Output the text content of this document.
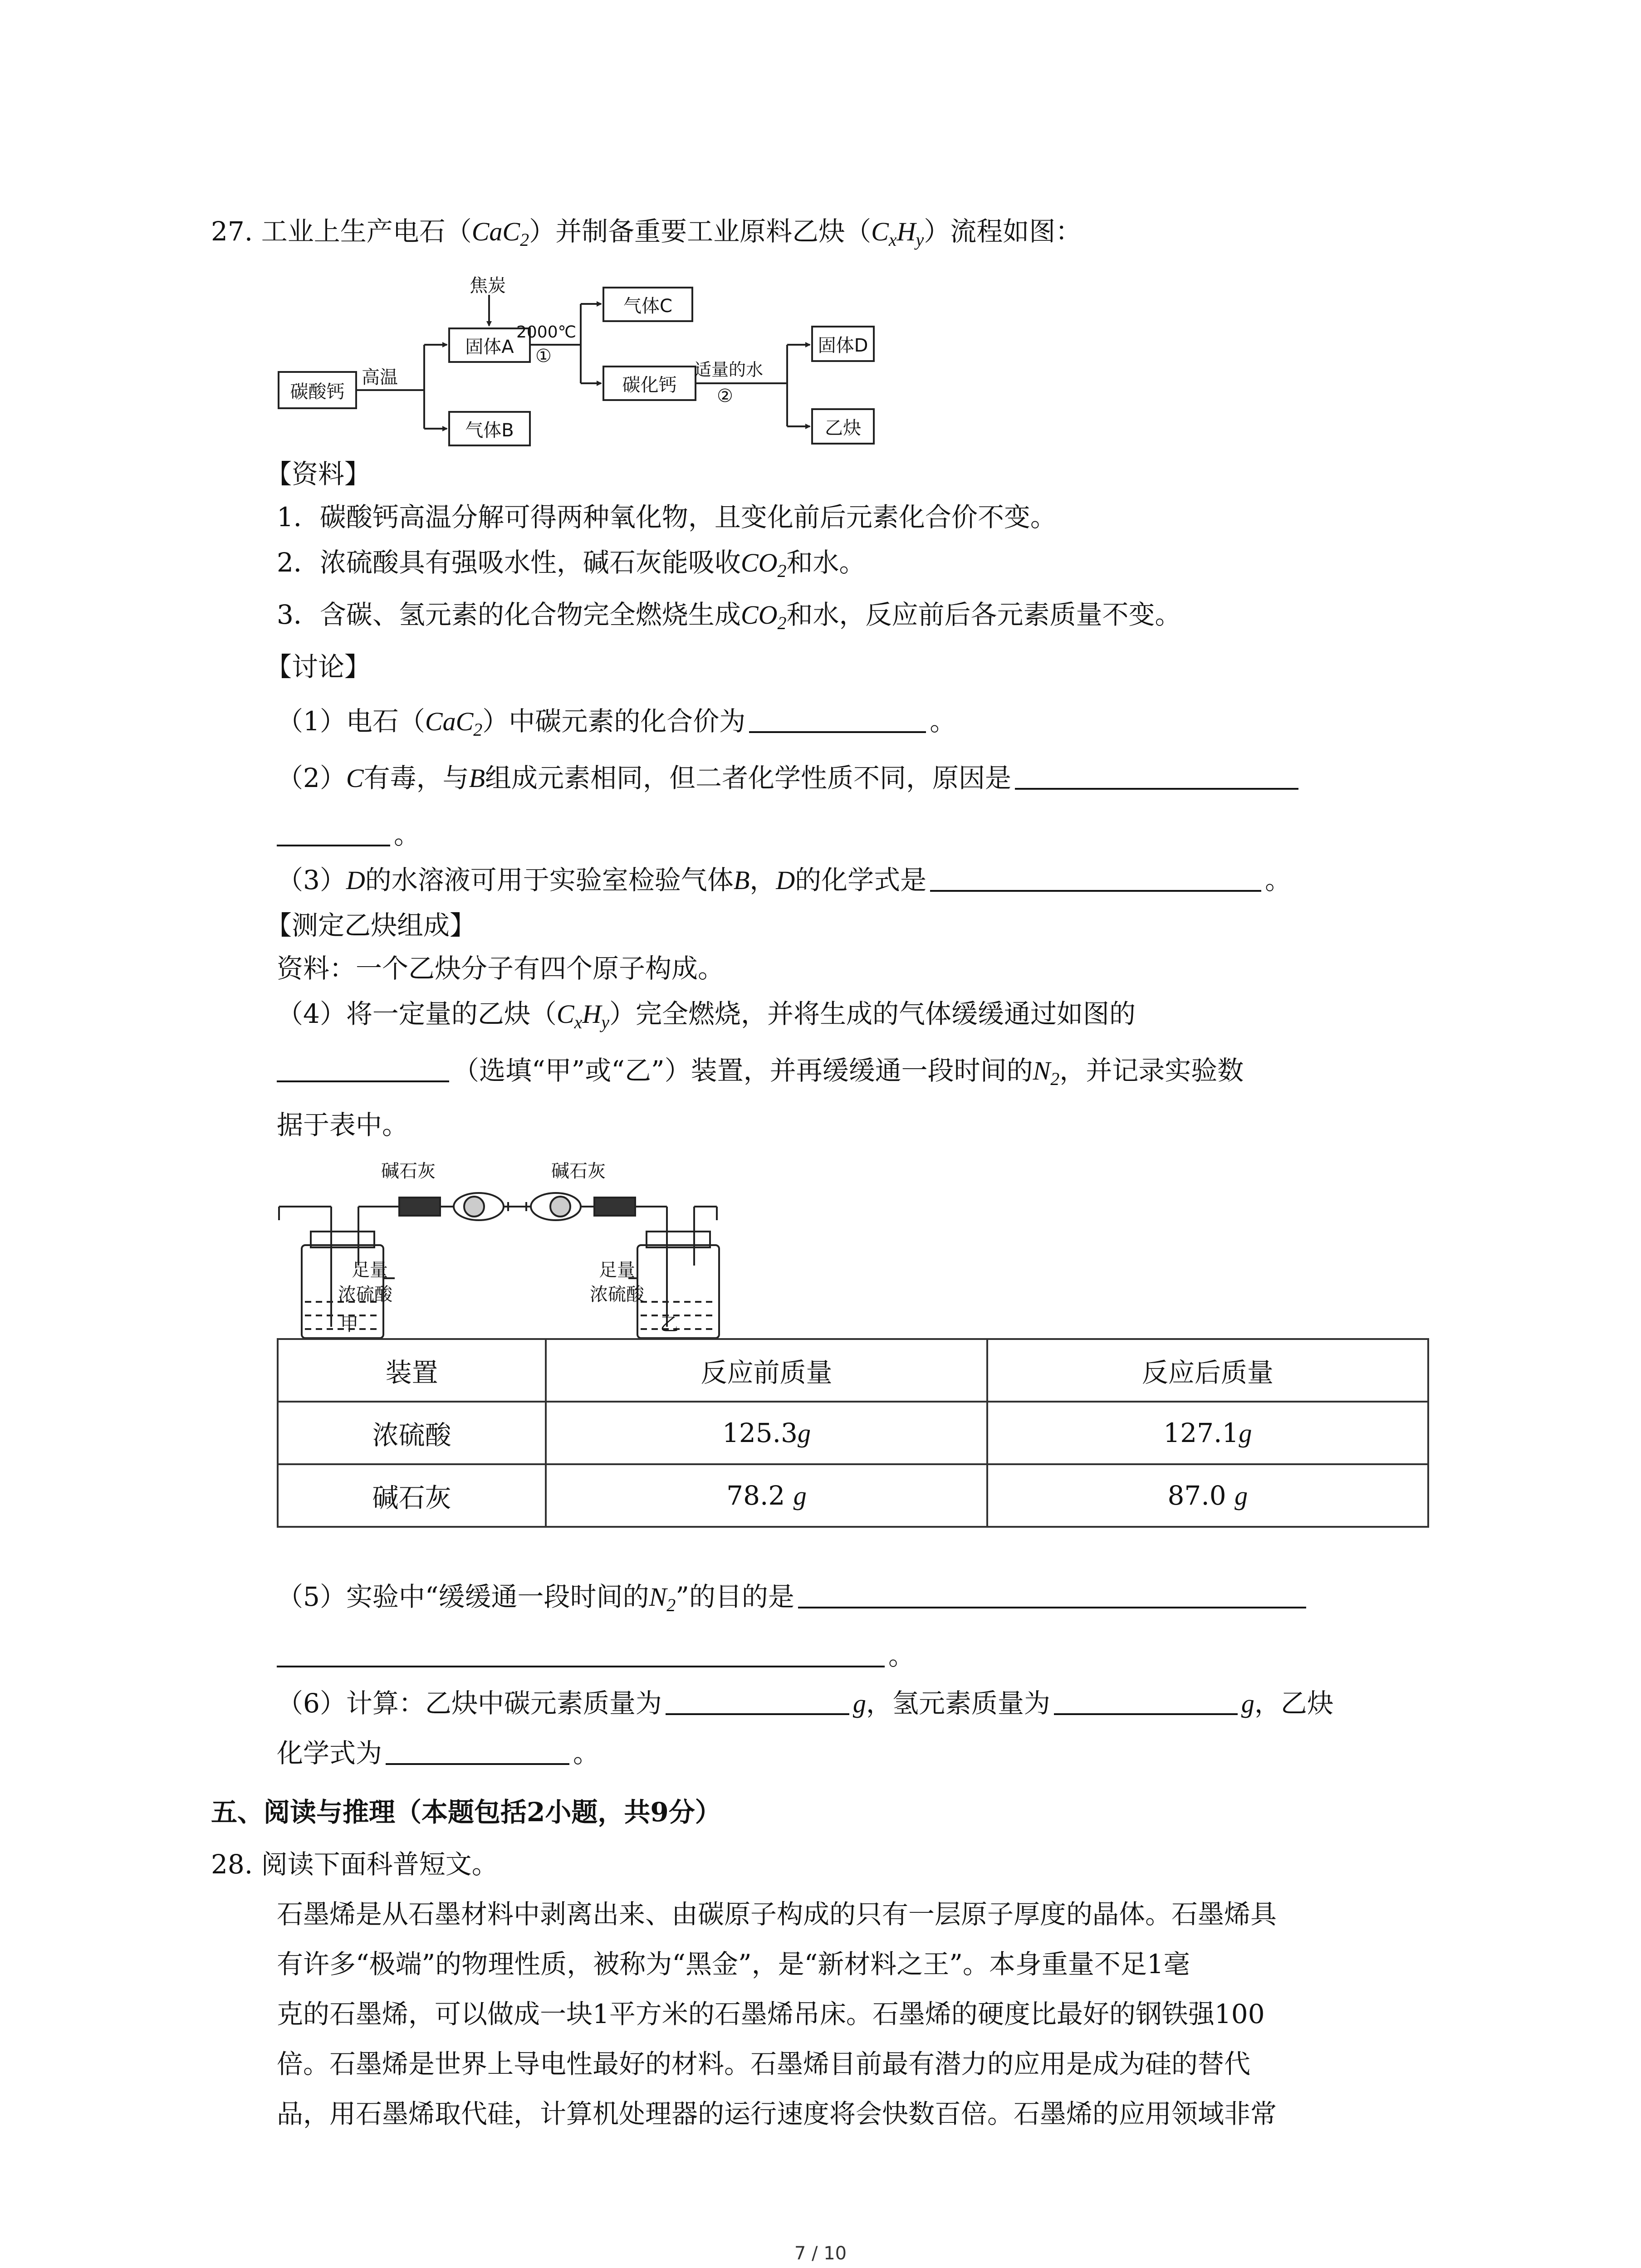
27. 工业上生产电石（CaC$_2$）并制备重要工业原料乙炔$(C_xH_y)$流程如图：
焦炭
碳酸钙
高温
固体A
气体B
2000℃
①
气体C
碳化钙
适量的水
②
固体D
乙炔
【资料】
1．碳酸钙高温分解可得两种氧化物，且变化前后元素化合价不变。
2．浓硫酸具有强吸水性，碱石灰能吸收$CO_2$和水。
3．含碳、氢元素的化合物完全燃烧生成$CO_2$和水，反应前后各元素质量不变。
【讨论】
（1）电石（CaC$_2$）中碳元素的化合价为	。
（2）C有毒，与B组成元素相同，但二者化学性质不同，原因是
。
（3）D的水溶液可用于实验室检验气体B，D的化学式是	。
【测定乙炔组成】
资料：一个乙炔分子有四个原子构成。
（4）将一定量的乙炔$(C_xH_y)$完全燃烧，并将生成的气体缓缓通过如图的
（选填“甲”或“乙”）装置，并再缓缓通一段时间的$N_2$，并记录实验数
据于表中。
碱石灰	碱石灰
足量
浓硫酸
足量
浓硫酸
甲	乙
装置	反应前质量	反应后质量
浓硫酸	125.3g	127.1g
碱石灰	78.2 g	87.0 g
（5）实验中“缓缓通一段时间的$N_2$”的目的是
。
（6）计算：乙炔中碳元素质量为	g，氢元素质量为	g，乙炔
化学式为	。
五、阅读与推理（本题包括2小题，共9分）
28. 阅读下面科普短文。
石墨烯是从石墨材料中剥离出来、由碳原子构成的只有一层原子厚度的晶体。石墨烯具
有许多“极端”的物理性质，被称为“黑金”，是“新材料之王”。本身重量不足1毫
克的石墨烯，可以做成一块1平方米的石墨烯吊床。石墨烯的硬度比最好的钢铁强100
倍。石墨烯是世界上导电性最好的材料。石墨烯目前最有潜力的应用是成为硅的替代
品，用石墨烯取代硅，计算机处理器的运行速度将会快数百倍。石墨烯的应用领域非常
7 / 10
